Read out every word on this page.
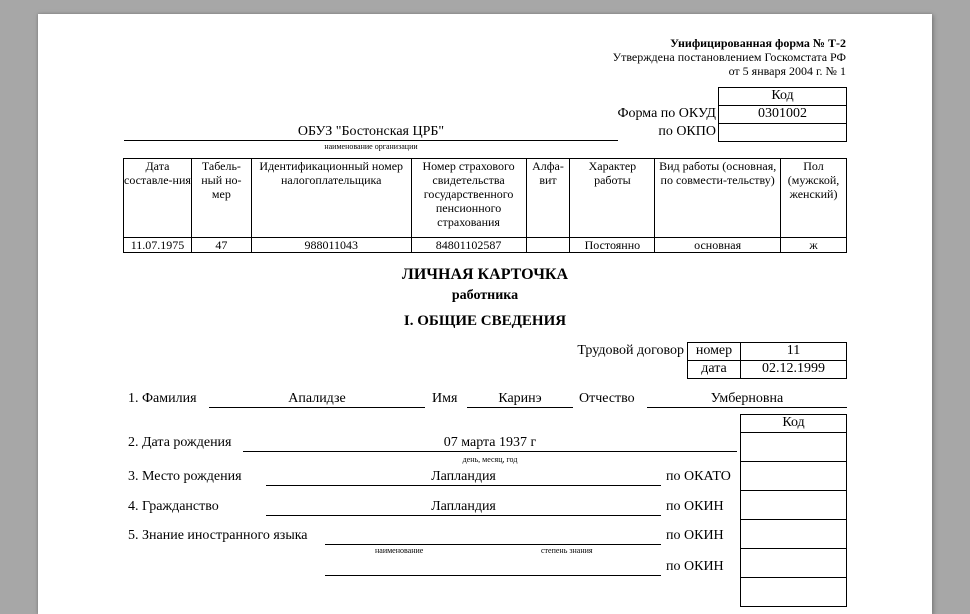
Унифицированная форма № Т-2
Утверждена постановлением Госкомстата РФ
от 5 января 2004 г. № 1
Код
Форма по ОКУД	0301002
по ОКПО
ОБУЗ "Бостонская ЦРБ"
наименование организации
Дата составле-ния	Табель-ный но-мер	Идентификационный номер налогоплательщика	Номер страхового свидетельства государственного пенсионного страхования	Алфа-вит	Характер работы	Вид работы (основная, по совмести-тельству)	Пол (мужской, женский)
11.07.1975	47	988011043	84801102587		Постоянно	основная	ж
ЛИЧНАЯ КАРТОЧКА
работника
I. ОБЩИЕ СВЕДЕНИЯ
Трудовой договор номер	11
дата	02.12.1999
1. Фамилия	Апалидзе	Имя	Каринэ	Отчество	Умберновна
Код
2. Дата рождения	07 марта 1937 г
день, месяц, год
3. Место рождения	Лапландия	по ОКАТО
4. Гражданство	Лапландия	по ОКИН
5. Знание иностранного языка	по ОКИН
наименование	степень знания
по ОКИН
